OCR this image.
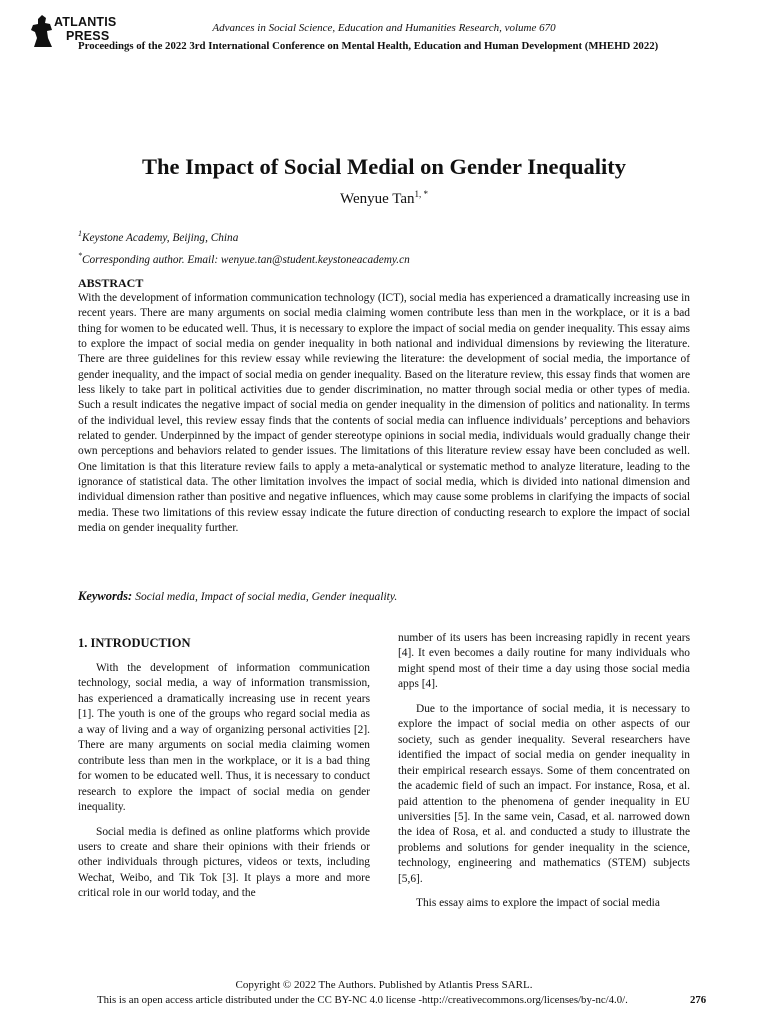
ATLANTIS
PRESS
Advances in Social Science, Education and Humanities Research, volume 670
Proceedings of the 2022 3rd International Conference on Mental Health, Education and Human Development (MHEHD 2022)
The Impact of Social Medial on Gender Inequality
Wenyue Tan$^{1, *}$
$^1$Keystone Academy, Beijing, China
*Corresponding author. Email: wenyue.tan@student.keystoneacademy.cn
ABSTRACT
With the development of information communication technology (ICT), social media has experienced a dramatically increasing use in recent years. There are many arguments on social media claiming women contribute less than men in the workplace, or it is a bad thing for women to be educated well. Thus, it is necessary to explore the impact of social media on gender inequality. This essay aims to explore the impact of social media on gender inequality in both national and individual dimensions by reviewing the literature. There are three guidelines for this review essay while reviewing the literature: the development of social media, the importance of gender inequality, and the impact of social media on gender inequality. Based on the literature review, this essay finds that women are less likely to take part in political activities due to gender discrimination, no matter through social media or other types of media. Such a result indicates the negative impact of social media on gender inequality in the dimension of politics and nationality. In terms of the individual level, this review essay finds that the contents of social media can influence individuals’ perceptions and behaviors related to gender. Underpinned by the impact of gender stereotype opinions in social media, individuals would gradually change their own perceptions and behaviors related to gender issues. The limitations of this literature review essay have been concluded as well. One limitation is that this literature review fails to apply a meta-analytical or systematic method to analyze literature, leading to the ignorance of statistical data. The other limitation involves the impact of social media, which is divided into national dimension and individual dimension rather than positive and negative influences, which may cause some problems in clarifying the impacts of social media. These two limitations of this review essay indicate the future direction of conducting research to explore the impact of social media on gender inequality further.
Keywords: Social media, Impact of social media, Gender inequality.
1. INTRODUCTION

With the development of information communication technology, social media, a way of information transmission, has experienced a dramatically increasing use in recent years [1]. The youth is one of the groups who regard social media as a way of living and a way of organizing personal activities [2]. There are many arguments on social media claiming women contribute less than men in the workplace, or it is a bad thing for women to be educated well. Thus, it is necessary to conduct research to explore the impact of social media on gender inequality.

Social media is defined as online platforms which provide users to create and share their opinions with their friends or other individuals through pictures, videos or texts, including Wechat, Weibo, and Tik Tok [3]. It plays a more and more critical role in our world today, and the

number of its users has been increasing rapidly in recent years [4]. It even becomes a daily routine for many individuals who might spend most of their time a day using those social media apps [4].

Due to the importance of social media, it is necessary to explore the impact of social media on other aspects of our society, such as gender inequality. Several researchers have identified the impact of social media on gender inequality in their empirical research essays. Some of them concentrated on the academic field of such an impact. For instance, Rosa, et al. paid attention to the phenomena of gender inequality in EU universities [5]. In the same vein, Casad, et al. narrowed down the idea of Rosa, et al. and conducted a study to illustrate the problems and solutions for gender inequality in the science, technology, engineering and mathematics (STEM) subjects [5,6].

This essay aims to explore the impact of social media

Copyright © 2022 The Authors. Published by Atlantis Press SARL.
This is an open access article distributed under the CC BY-NC 4.0 license -http://creativecommons.org/licenses/by-nc/4.0/.	276
